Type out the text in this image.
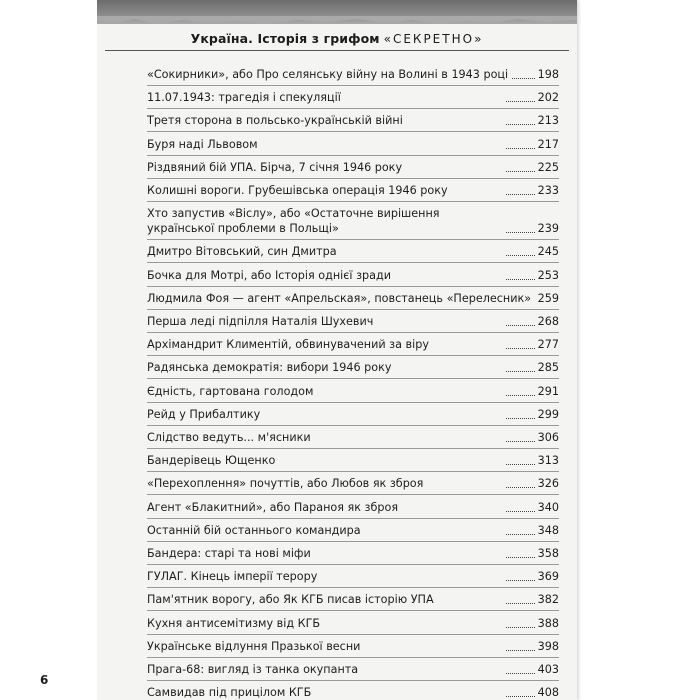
Україна. Історія з грифом «СЕКРЕТНО»
«Сокирники», або Про селянську війну на Волині в 1943 році	198
11.07.1943: трагедія і спекуляції	202
Третя сторона в польсько-українській війні	213
Буря наді Львовом	217
Різдвяний бій УПА. Бірча, 7 січня 1946 року	225
Колишні вороги. Грубешівська операція 1946 року	233
Хто запустив «Віслу», або «Остаточне вирішення
української проблеми в Польщі»	239
Дмитро Вітовський, син Дмитра	245
Бочка для Мотрі, або Історія однієї зради	253
Людмила Фоя — агент «Апрельская», повстанець «Перелесник» 259
Перша леді підпілля Наталія Шухевич	268
Архімандрит Климентій, обвинувачений за віру	277
Радянська демократія: вибори 1946 року	285
Єдність, гартована голодом	291
Рейд у Прибалтику	299
Слідство ведуть... м'ясники	306
Бандерівець Ющенко	313
«Перехоплення» почуттів, або Любов як зброя	326
Агент «Блакитний», або Параноя як зброя	340
Останній бій останнього командира	348
Бандера: старі та нові міфи	358
ГУЛАГ. Кінець імперії терору	369
Пам'ятник ворогу, або Як КГБ писав історію УПА	382
Кухня антисемітизму від КГБ	388
Українське відлуння Празької весни	398
Прага-68: вигляд із танка окупанта	403
Самвидав під прицілом КГБ	408
6
